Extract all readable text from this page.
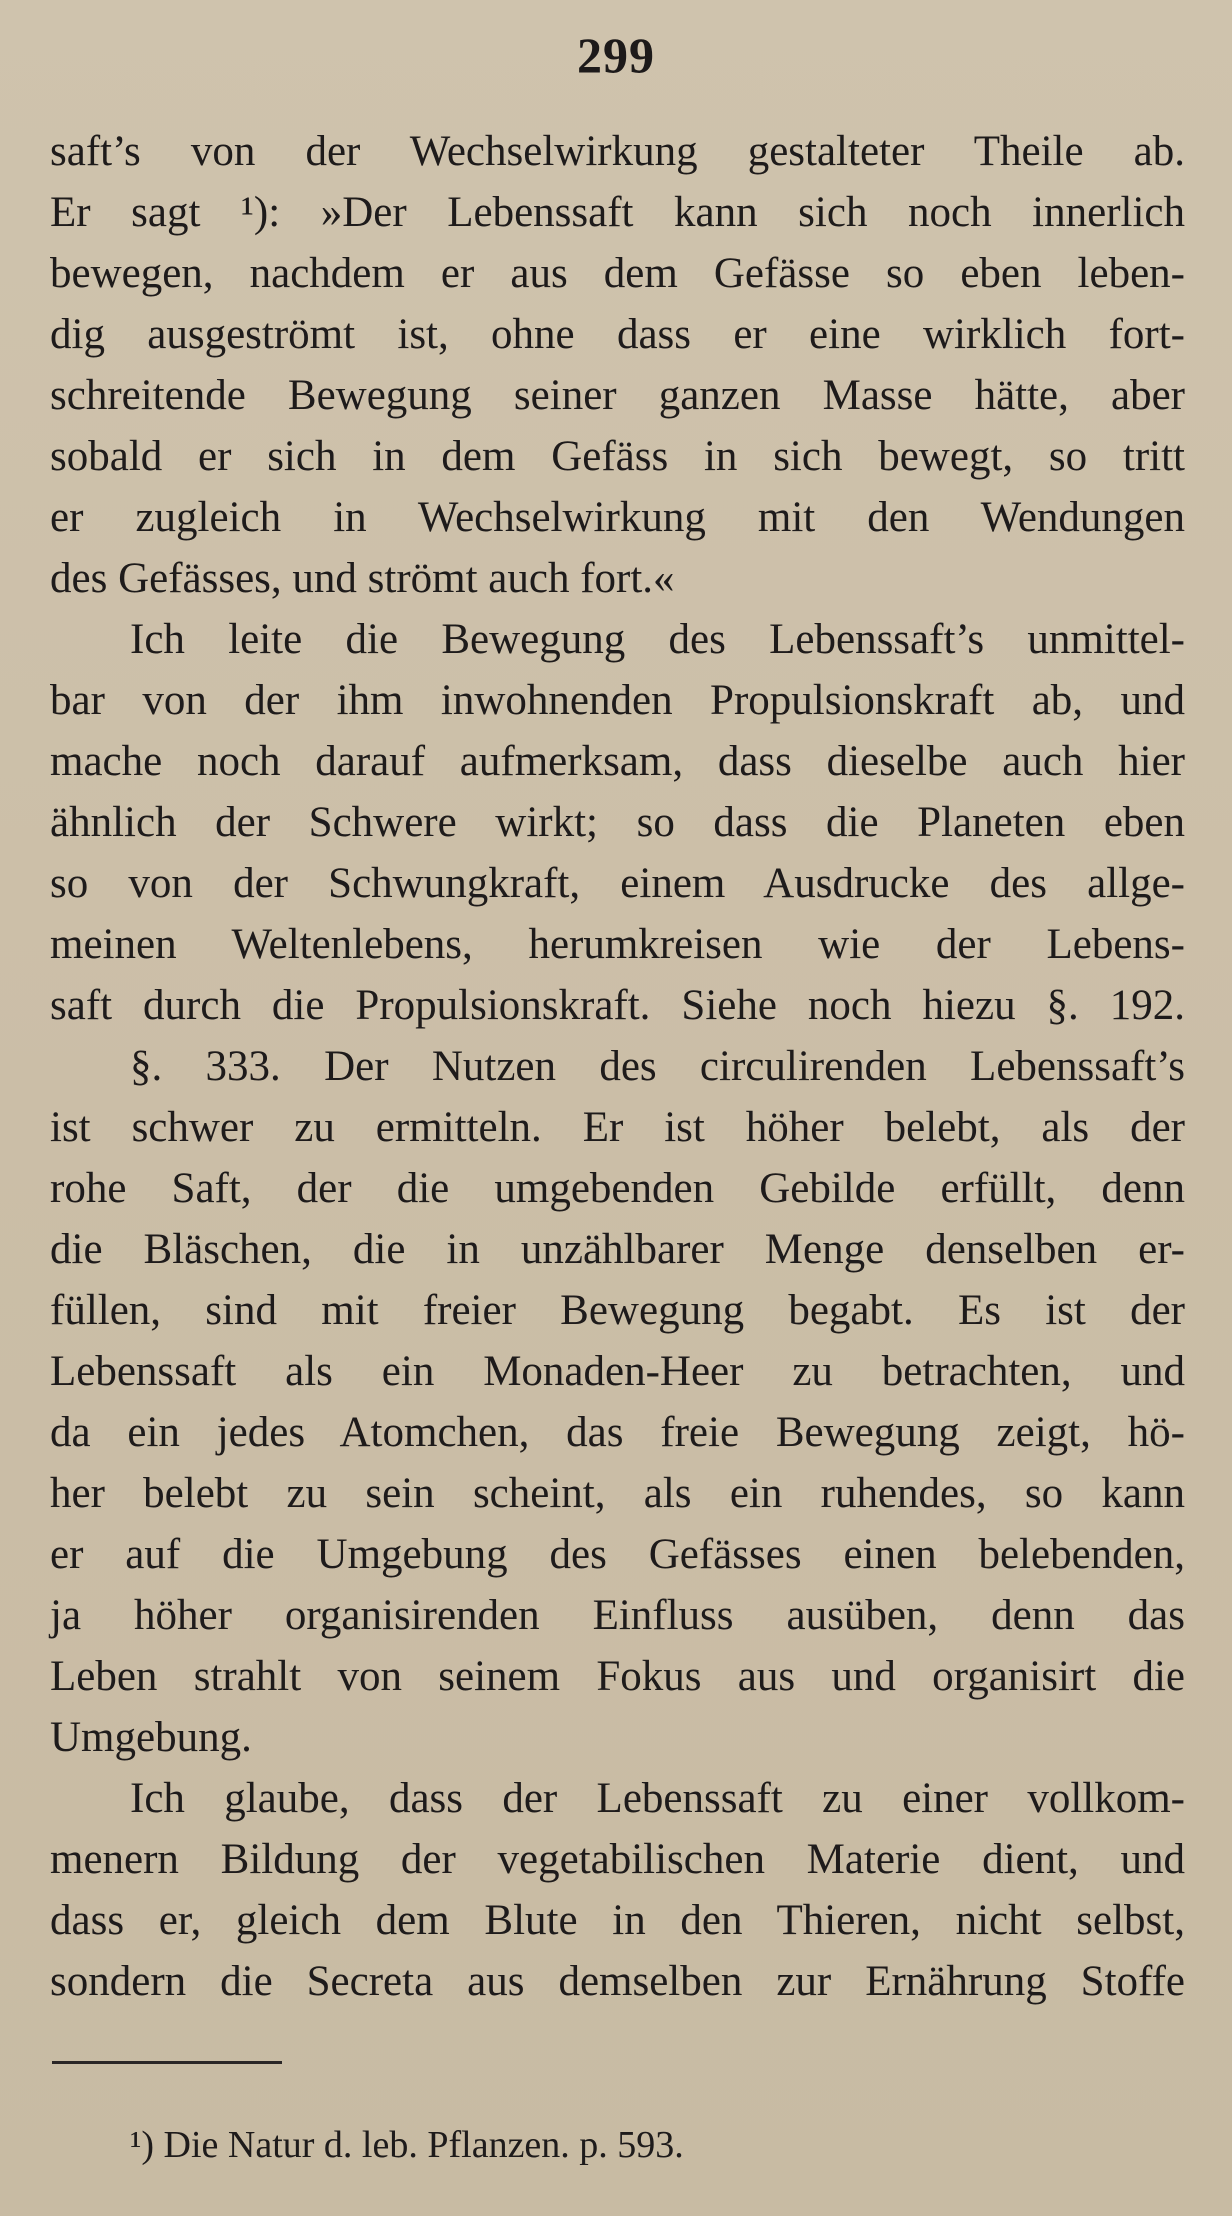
299
saft’s von der Wechselwirkung gestalteter Theile ab.
Er sagt ¹): »Der Lebenssaft kann sich noch innerlich
bewegen, nachdem er aus dem Gefässe so eben leben-
dig ausgeströmt ist, ohne dass er eine wirklich fort-
schreitende Bewegung seiner ganzen Masse hätte, aber
sobald er sich in dem Gefäss in sich bewegt, so tritt
er zugleich in Wechselwirkung mit den Wendungen
des Gefässes, und strömt auch fort.«
Ich leite die Bewegung des Lebenssaft’s unmittel-
bar von der ihm inwohnenden Propulsionskraft ab, und
mache noch darauf aufmerksam, dass dieselbe auch hier
ähnlich der Schwere wirkt; so dass die Planeten eben
so von der Schwungkraft, einem Ausdrucke des allge-
meinen Weltenlebens, herumkreisen wie der Lebens-
saft durch die Propulsionskraft. Siehe noch hiezu §. 192.
§. 333. Der Nutzen des circulirenden Lebenssaft’s
ist schwer zu ermitteln. Er ist höher belebt, als der
rohe Saft, der die umgebenden Gebilde erfüllt, denn
die Bläschen, die in unzählbarer Menge denselben er-
füllen, sind mit freier Bewegung begabt. Es ist der
Lebenssaft als ein Monaden-Heer zu betrachten, und
da ein jedes Atomchen, das freie Bewegung zeigt, hö-
her belebt zu sein scheint, als ein ruhendes, so kann
er auf die Umgebung des Gefässes einen belebenden,
ja höher organisirenden Einfluss ausüben, denn das
Leben strahlt von seinem Fokus aus und organisirt die
Umgebung.
Ich glaube, dass der Lebenssaft zu einer vollkom-
menern Bildung der vegetabilischen Materie dient, und
dass er, gleich dem Blute in den Thieren, nicht selbst,
sondern die Secreta aus demselben zur Ernährung Stoffe
¹) Die Natur d. leb. Pflanzen. p. 593.
